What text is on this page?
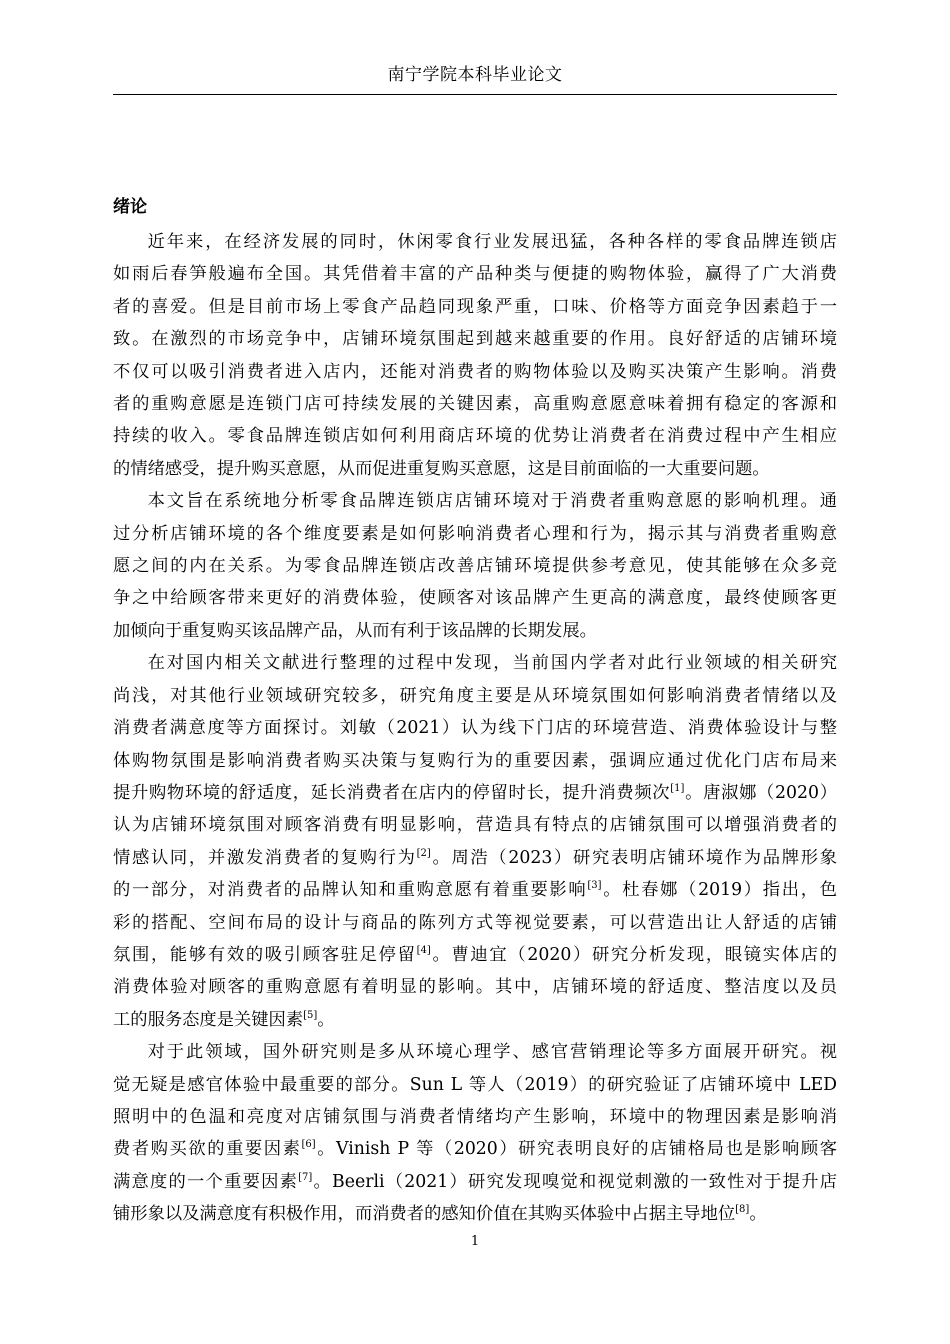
南宁学院本科毕业论文
绪论

近年来，在经济发展的同时，休闲零食行业发展迅猛，各种各样的零食品牌连锁店
如雨后春笋般遍布全国。其凭借着丰富的产品种类与便捷的购物体验，赢得了广大消费
者的喜爱。但是目前市场上零食产品趋同现象严重，口味、价格等方面竞争因素趋于一
致。在激烈的市场竞争中，店铺环境氛围起到越来越重要的作用。良好舒适的店铺环境
不仅可以吸引消费者进入店内，还能对消费者的购物体验以及购买决策产生影响。消费
者的重购意愿是连锁门店可持续发展的关键因素，高重购意愿意味着拥有稳定的客源和
持续的收入。零食品牌连锁店如何利用商店环境的优势让消费者在消费过程中产生相应
的情绪感受，提升购买意愿，从而促进重复购买意愿，这是目前面临的一大重要问题。

本文旨在系统地分析零食品牌连锁店店铺环境对于消费者重购意愿的影响机理。通
过分析店铺环境的各个维度要素是如何影响消费者心理和行为，揭示其与消费者重购意
愿之间的内在关系。为零食品牌连锁店改善店铺环境提供参考意见，使其能够在众多竞
争之中给顾客带来更好的消费体验，使顾客对该品牌产生更高的满意度，最终使顾客更
加倾向于重复购买该品牌产品，从而有利于该品牌的长期发展。

在对国内相关文献进行整理的过程中发现，当前国内学者对此行业领域的相关研究
尚浅，对其他行业领域研究较多，研究角度主要是从环境氛围如何影响消费者情绪以及
消费者满意度等方面探讨。刘敏（2021）认为线下门店的环境营造、消费体验设计与整
体购物氛围是影响消费者购买决策与复购行为的重要因素，强调应通过优化门店布局来
提升购物环境的舒适度，延长消费者在店内的停留时长，提升消费频次[1]。唐淑娜（2020）
认为店铺环境氛围对顾客消费有明显影响，营造具有特点的店铺氛围可以增强消费者的
情感认同，并激发消费者的复购行为[2]。周浩（2023）研究表明店铺环境作为品牌形象
的一部分，对消费者的品牌认知和重购意愿有着重要影响[3]。杜春娜（2019）指出，色
彩的搭配、空间布局的设计与商品的陈列方式等视觉要素，可以营造出让人舒适的店铺
氛围，能够有效的吸引顾客驻足停留[4]。曹迪宜（2020）研究分析发现，眼镜实体店的
消费体验对顾客的重购意愿有着明显的影响。其中，店铺环境的舒适度、整洁度以及员
工的服务态度是关键因素[5]。

对于此领域，国外研究则是多从环境心理学、感官营销理论等多方面展开研究。视
觉无疑是感官体验中最重要的部分。Sun L 等人（2019）的研究验证了店铺环境中 LED
照明中的色温和亮度对店铺氛围与消费者情绪均产生影响，环境中的物理因素是影响消
费者购买欲的重要因素[6]。Vinish P 等（2020）研究表明良好的店铺格局也是影响顾客
满意度的一个重要因素[7]。Beerli（2021）研究发现嗅觉和视觉刺激的一致性对于提升店
铺形象以及满意度有积极作用，而消费者的感知价值在其购买体验中占据主导地位[8]。

1
